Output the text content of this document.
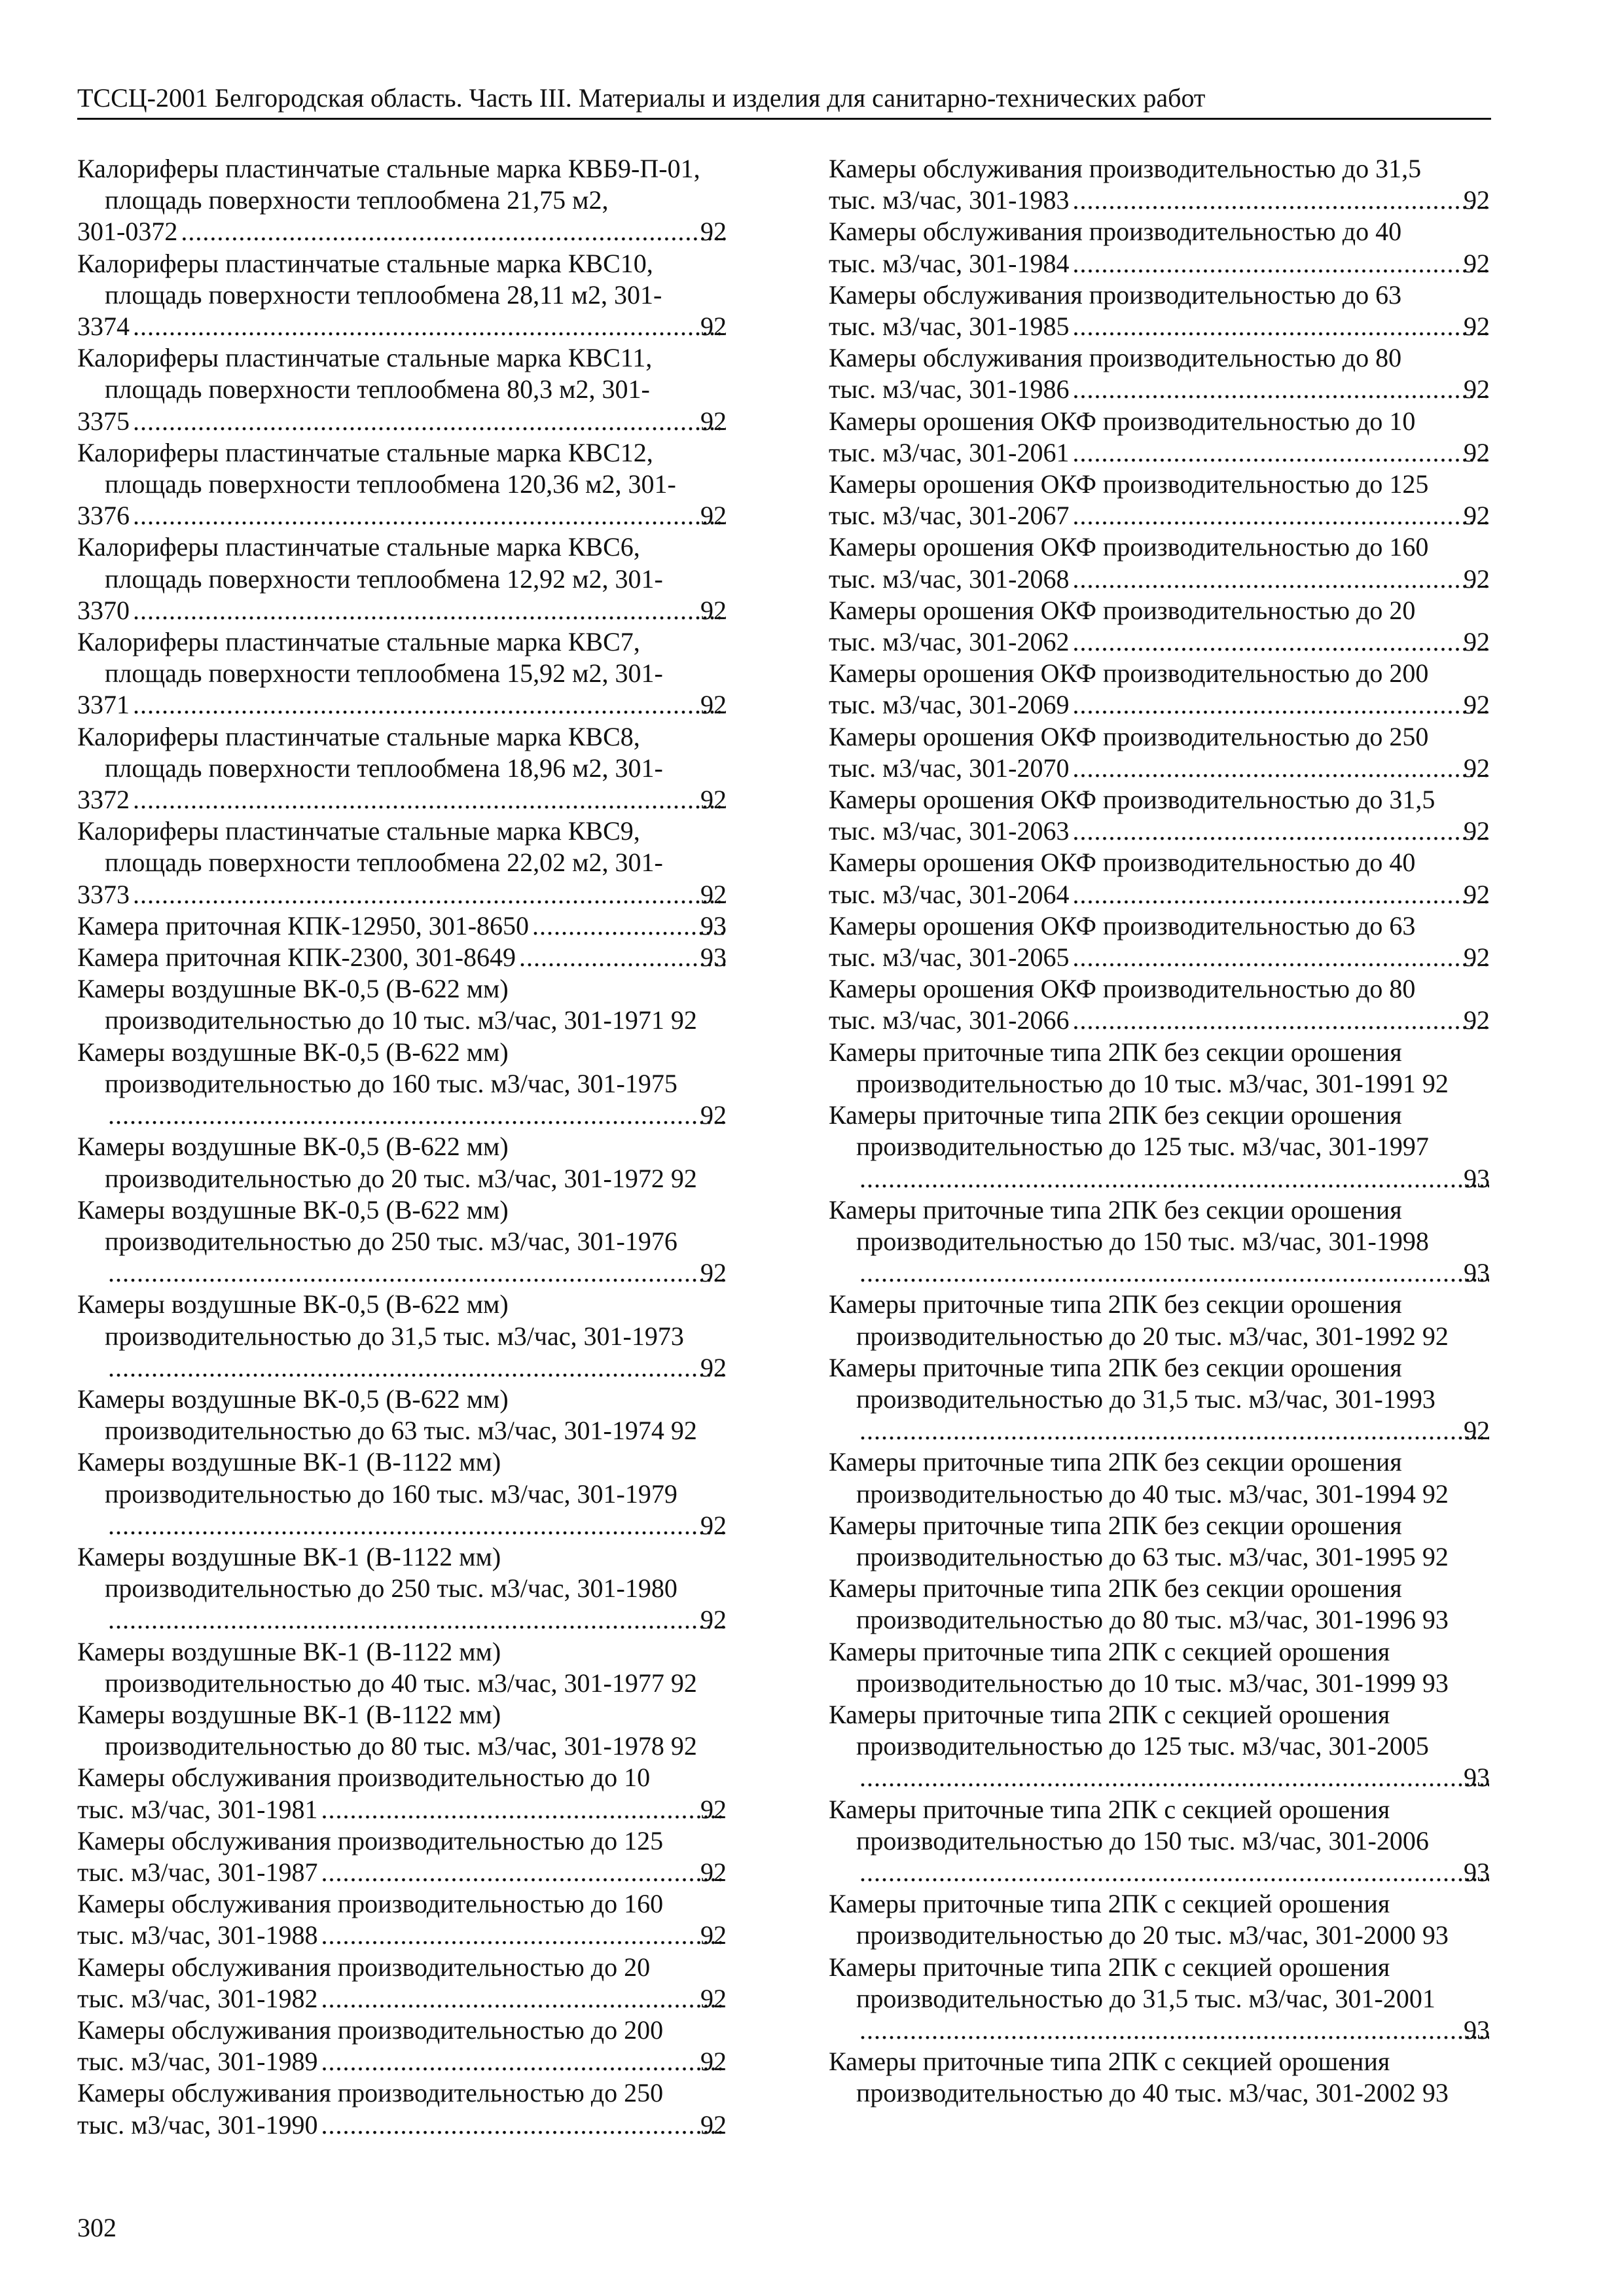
ТССЦ-2001 Белгородская область. Часть III. Материалы и изделия для санитарно-технических работ
Калориферы пластинчатые стальные марка КВБ9-П-01, площадь поверхности теплообмена 21,75 м2,
301-0372 .....	92
Калориферы пластинчатые стальные марка КВС10, площадь поверхности теплообмена 28,11 м2, 301-
3374 .....	92
Калориферы пластинчатые стальные марка КВС11, площадь поверхности теплообмена 80,3 м2, 301-
3375 .....	92
Калориферы пластинчатые стальные марка КВС12, площадь поверхности теплообмена 120,36 м2, 301-
3376 .....	92
Калориферы пластинчатые стальные марка КВС6, площадь поверхности теплообмена 12,92 м2, 301-
3370 .....	92
Калориферы пластинчатые стальные марка КВС7, площадь поверхности теплообмена 15,92 м2, 301-
3371 .....	92
Калориферы пластинчатые стальные марка КВС8, площадь поверхности теплообмена 18,96 м2, 301-
3372 .....	92
Калориферы пластинчатые стальные марка КВС9, площадь поверхности теплообмена 22,02 м2, 301-
3373 .....	92
Камера приточная КПК-12950, 301-8650 .....	93
Камера приточная КПК-2300, 301-8649 .....	93
Камеры воздушные ВК-0,5 (В-622 мм) производительностью до 10 тыс. м3/час, 301-1971 92
Камеры воздушные ВК-0,5 (В-622 мм) производительностью до 160 тыс. м3/час, 301-1975
.....
92
Камеры воздушные ВК-0,5 (В-622 мм) производительностью до 20 тыс. м3/час, 301-1972 92
Камеры воздушные ВК-0,5 (В-622 мм) производительностью до 250 тыс. м3/час, 301-1976
.....
92
Камеры воздушные ВК-0,5 (В-622 мм) производительностью до 31,5 тыс. м3/час, 301-1973
.....
92
Камеры воздушные ВК-0,5 (В-622 мм) производительностью до 63 тыс. м3/час, 301-1974 92
Камеры воздушные ВК-1 (В-1122 мм) производительностью до 160 тыс. м3/час, 301-1979
.....
92
Камеры воздушные ВК-1 (В-1122 мм) производительностью до 250 тыс. м3/час, 301-1980
.....
92
Камеры воздушные ВК-1 (В-1122 мм) производительностью до 40 тыс. м3/час, 301-1977 92
Камеры воздушные ВК-1 (В-1122 мм) производительностью до 80 тыс. м3/час, 301-1978 92
Камеры обслуживания производительностью до 10
тыс. м3/час, 301-1981 .....	92
Камеры обслуживания производительностью до 125
тыс. м3/час, 301-1987 .....	92
Камеры обслуживания производительностью до 160
тыс. м3/час, 301-1988 .....	92
Камеры обслуживания производительностью до 20
тыс. м3/час, 301-1982 .....	92
Камеры обслуживания производительностью до 200
тыс. м3/час, 301-1989 .....	92
Камеры обслуживания производительностью до 250
тыс. м3/час, 301-1990 .....	92
Камеры обслуживания производительностью до 31,5
тыс. м3/час, 301-1983 .....	92
Камеры обслуживания производительностью до 40
тыс. м3/час, 301-1984 .....	92
Камеры обслуживания производительностью до 63
тыс. м3/час, 301-1985 .....	92
Камеры обслуживания производительностью до 80
тыс. м3/час, 301-1986 .....	92
Камеры орошения ОКФ производительностью до 10
тыс. м3/час, 301-2061 .....	92
Камеры орошения ОКФ производительностью до 125
тыс. м3/час, 301-2067 .....	92
Камеры орошения ОКФ производительностью до 160
тыс. м3/час, 301-2068 .....	92
Камеры орошения ОКФ производительностью до 20
тыс. м3/час, 301-2062 .....	92
Камеры орошения ОКФ производительностью до 200
тыс. м3/час, 301-2069 .....	92
Камеры орошения ОКФ производительностью до 250
тыс. м3/час, 301-2070 .....	92
Камеры орошения ОКФ производительностью до 31,5
тыс. м3/час, 301-2063 .....	92
Камеры орошения ОКФ производительностью до 40
тыс. м3/час, 301-2064 .....	92
Камеры орошения ОКФ производительностью до 63
тыс. м3/час, 301-2065 .....	92
Камеры орошения ОКФ производительностью до 80
тыс. м3/час, 301-2066 .....	92
Камеры приточные типа 2ПК без секции орошения производительностью до 10 тыс. м3/час, 301-1991 92
Камеры приточные типа 2ПК без секции орошения производительностью до 125 тыс. м3/час, 301-1997
.....
93
Камеры приточные типа 2ПК без секции орошения производительностью до 150 тыс. м3/час, 301-1998
.....
93
Камеры приточные типа 2ПК без секции орошения производительностью до 20 тыс. м3/час, 301-1992 92
Камеры приточные типа 2ПК без секции орошения производительностью до 31,5 тыс. м3/час, 301-1993
.....
92
Камеры приточные типа 2ПК без секции орошения производительностью до 40 тыс. м3/час, 301-1994 92
Камеры приточные типа 2ПК без секции орошения производительностью до 63 тыс. м3/час, 301-1995 92
Камеры приточные типа 2ПК без секции орошения производительностью до 80 тыс. м3/час, 301-1996 93
Камеры приточные типа 2ПК с секцией орошения производительностью до 10 тыс. м3/час, 301-1999 93
Камеры приточные типа 2ПК с секцией орошения производительностью до 125 тыс. м3/час, 301-2005
.....
93
Камеры приточные типа 2ПК с секцией орошения производительностью до 150 тыс. м3/час, 301-2006
.....
93
Камеры приточные типа 2ПК с секцией орошения производительностью до 20 тыс. м3/час, 301-2000 93
Камеры приточные типа 2ПК с секцией орошения производительностью до 31,5 тыс. м3/час, 301-2001
.....
93
Камеры приточные типа 2ПК с секцией орошения производительностью до 40 тыс. м3/час, 301-2002 93
302
